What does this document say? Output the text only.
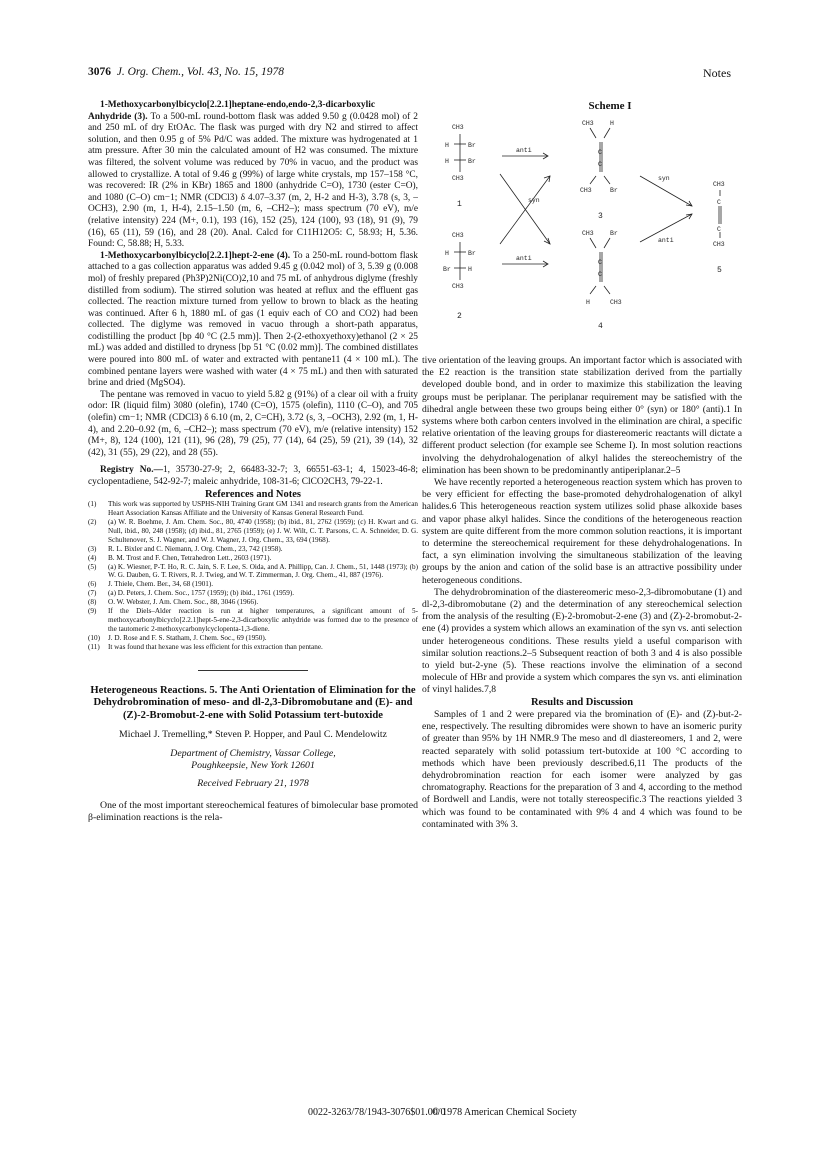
3076 J. Org. Chem., Vol. 43, No. 15, 1978	Notes

1-Methoxycarbonylbicyclo[2.2.1]heptane-endo,endo-2,3-dicarboxylic Anhydride (3). To a 500-mL round-bottom flask was added 9.50 g (0.0428 mol) of 2 and 250 mL of dry EtOAc. The flask was purged with dry N2 and stirred to affect solution, and then 0.95 g of 5% Pd/C was added. The mixture was hydrogenated at 1 atm pressure. After 30 min the calculated amount of H2 was consumed. The mixture was filtered, the solvent volume was reduced by 70% in vacuo, and the product was allowed to crystallize. A total of 9.46 g (99%) of large white crystals, mp 157–158 °C, was recovered: IR (2% in KBr) 1865 and 1800 (anhydride C=O), 1730 (ester C=O), and 1080 (C–O) cm−1; NMR (CDCl3) δ 4.07–3.37 (m, 2, H-2 and H-3), 3.78 (s, 3, –OCH3), 2.90 (m, 1, H-4), 2.15–1.50 (m, 6, –CH2–); mass spectrum (70 eV), m/e (relative intensity) 224 (M+, 0.1), 193 (16), 152 (25), 124 (100), 93 (18), 91 (9), 79 (16), 65 (11), 59 (16), and 28 (20). Anal. Calcd for C11H12O5: C, 58.93; H, 5.36. Found: C, 58.88; H, 5.33.

1-Methoxycarbonylbicyclo[2.2.1]hept-2-ene (4). To a 250-mL round-bottom flask attached to a gas collection apparatus was added 9.45 g (0.042 mol) of 3, 5.39 g (0.008 mol) of freshly prepared (Ph3P)2Ni(CO)2,10 and 75 mL of anhydrous diglyme (freshly distilled from sodium). The stirred solution was heated at reflux and the effluent gas collected. The reaction mixture turned from yellow to brown to black as the heating was continued. After 6 h, 1880 mL of gas (1 equiv each of CO and CO2) had been collected. The diglyme was removed in vacuo through a short-path apparatus, codistilling the product [bp 40 °C (2.5 mm)]. Then 2-(2-ethoxyethoxy)ethanol (2 × 25 mL) was added and distilled to dryness [bp 51 °C (0.02 mm)]. The combined distillates were poured into 800 mL of water and extracted with pentane11 (4 × 100 mL). The combined pentane layers were washed with water (4 × 75 mL) and then with saturated brine and dried (MgSO4).

The pentane was removed in vacuo to yield 5.82 g (91%) of a clear oil with a fruity odor: IR (liquid film) 3080 (olefin), 1740 (C=O), 1575 (olefin), 1110 (C–O), and 705 (olefin) cm−1; NMR (CDCl3) δ 6.10 (m, 2, C=CH), 3.72 (s, 3, –OCH3), 2.92 (m, 1, H-4), and 2.20–0.92 (m, 6, –CH2–); mass spectrum (70 eV), m/e (relative intensity) 152 (M+, 8), 124 (100), 121 (11), 96 (28), 79 (25), 77 (14), 64 (25), 59 (21), 39 (14), 32 (42), 31 (55), 29 (22), and 28 (55).

Registry No.—1, 35730-27-9; 2, 66483-32-7; 3, 66551-63-1; 4, 15023-46-8; cyclopentadiene, 542-92-7; maleic anhydride, 108-31-6; ClCO2CH3, 79-22-1.

References and Notes

(1)	This work was supported by USPHS-NIH Training Grant GM 1341 and research grants from the American Heart Association Kansas Affiliate and the University of Kansas General Research Fund.
(2)	(a) W. R. Boehme, J. Am. Chem. Soc., 80, 4740 (1958); (b) ibid., 81, 2762 (1959); (c) H. Kwart and G. Null, ibid., 80, 248 (1958); (d) ibid., 81, 2765 (1959); (e) J. W. Wilt, C. T. Parsons, C. A. Schneider, D. G. Schultenover, S. J. Wagner, and W. J. Wagner, J. Org. Chem., 33, 694 (1968).
(3)	R. L. Bixler and C. Niemann, J. Org. Chem., 23, 742 (1958).
(4)	B. M. Trost and F. Chen, Tetrahedron Lett., 2603 (1971).
(5)	(a) K. Wiesner, P-T. Ho, R. C. Jain, S. F. Lee, S. Oida, and A. Phillipp, Can. J. Chem., 51, 1448 (1973); (b) W. G. Dauben, G. T. Rivers, R. J. Twieg, and W. T. Zimmerman, J. Org. Chem., 41, 887 (1976).
(6)	J. Thiele, Chem. Ber., 34, 68 (1901).
(7)	(a) D. Peters, J. Chem. Soc., 1757 (1959); (b) ibid., 1761 (1959).
(8)	O. W. Webster, J. Am. Chem. Soc., 88, 3046 (1966).
(9)	If the Diels–Alder reaction is run at higher temperatures, a significant amount of 5-methoxycarbonylbicyclo[2.2.1]hept-5-ene-2,3-dicarboxylic anhydride was formed due to the presence of the tautomeric 2-methoxycarbonylcyclopenta-1,3-diene.
(10)	J. D. Rose and F. S. Statham, J. Chem. Soc., 69 (1950).
(11)	It was found that hexane was less efficient for this extraction than pentane.

Heterogeneous Reactions. 5. The Anti Orientation of Elimination for the Dehydrobromination of meso- and dl-2,3-Dibromobutane and (E)- and (Z)-2-Bromobut-2-ene with Solid Potassium tert-butoxide

Michael J. Tremelling,* Steven P. Hopper, and Paul C. Mendelowitz

Department of Chemistry, Vassar College,

Poughkeepsie, New York 12601

Received February 21, 1978

One of the most important stereochemical features of bimolecular base promoted β-elimination reactions is the rela-

Scheme I
CH3
H	Br
H	Br
CH3
1
CH3
H	Br
Br	H
CH3
2
anti
anti
syn
CH3	H
C
C
CH3	Br
3
CH3	Br
C
C
H	CH3
4
syn
anti
CH3
C
C
CH3
5

tive orientation of the leaving groups. An important factor which is associated with the E2 reaction is the transition state stabilization derived from the partially developed double bond, and in order to maximize this stabilization the leaving groups must be periplanar. The periplanar requirement may be satisfied with the dihedral angle between these two groups being either 0° (syn) or 180° (anti).1 In systems where both carbon centers involved in the elimination are chiral, a specific relative orientation of the leaving groups for diastereomeric reactants will dictate a different product selection (for example see Scheme I). In most solution reactions involving the dehydrohalogenation of alkyl halides the stereochemistry of the elimination has been shown to be predominantly antiperiplanar.2–5

We have recently reported a heterogeneous reaction system which has proven to be very efficient for effecting the base-promoted dehydrohalogenation of alkyl halides.6 This heterogeneous reaction system utilizes solid phase alkoxide bases and vapor phase alkyl halides. Since the conditions of the heterogeneous reaction system are quite different from the more common solution reactions, it is important to determine the stereochemical requirement for these dehydrohalogenations. In fact, a syn elimination involving the simultaneous stabilization of the leaving groups by the anion and cation of the solid base is an attractive possibility under heterogeneous conditions.

The dehydrobromination of the diastereomeric meso-2,3-dibromobutane (1) and dl-2,3-dibromobutane (2) and the determination of any stereochemical selection from the analysis of the resulting (E)-2-bromobut-2-ene (3) and (Z)-2-bromobut-2-ene (4) provides a system which allows an examination of the syn vs. anti selection under heterogeneous conditions. These results yield a useful comparison with similar solution reactions.2–5 Subsequent reaction of both 3 and 4 is also possible to yield but-2-yne (5). These reactions involve the elimination of a second molecule of HBr and provide a system which compares the syn vs. anti elimination of vinyl halides.7,8

Results and Discussion

Samples of 1 and 2 were prepared via the bromination of (E)- and (Z)-but-2-ene, respectively. The resulting dibromides were shown to have an isomeric purity of greater than 95% by 1H NMR.9 The meso and dl diastereomers, 1 and 2, were reacted separately with solid potassium tert-butoxide at 100 °C according to methods which have been previously described.6,11 The products of the dehydrobromination reaction for each isomer were analyzed by gas chromatography. Reactions for the preparation of 3 and 4, according to the method of Bordwell and Landis, were not totally stereospecific.3 The reactions yielded 3 which was found to be contaminated with 9% 4 and 4 which was found to be contaminated with 3% 3.

0022-3263/78/1943-3076$01.00/0
© 1978 American Chemical Society
